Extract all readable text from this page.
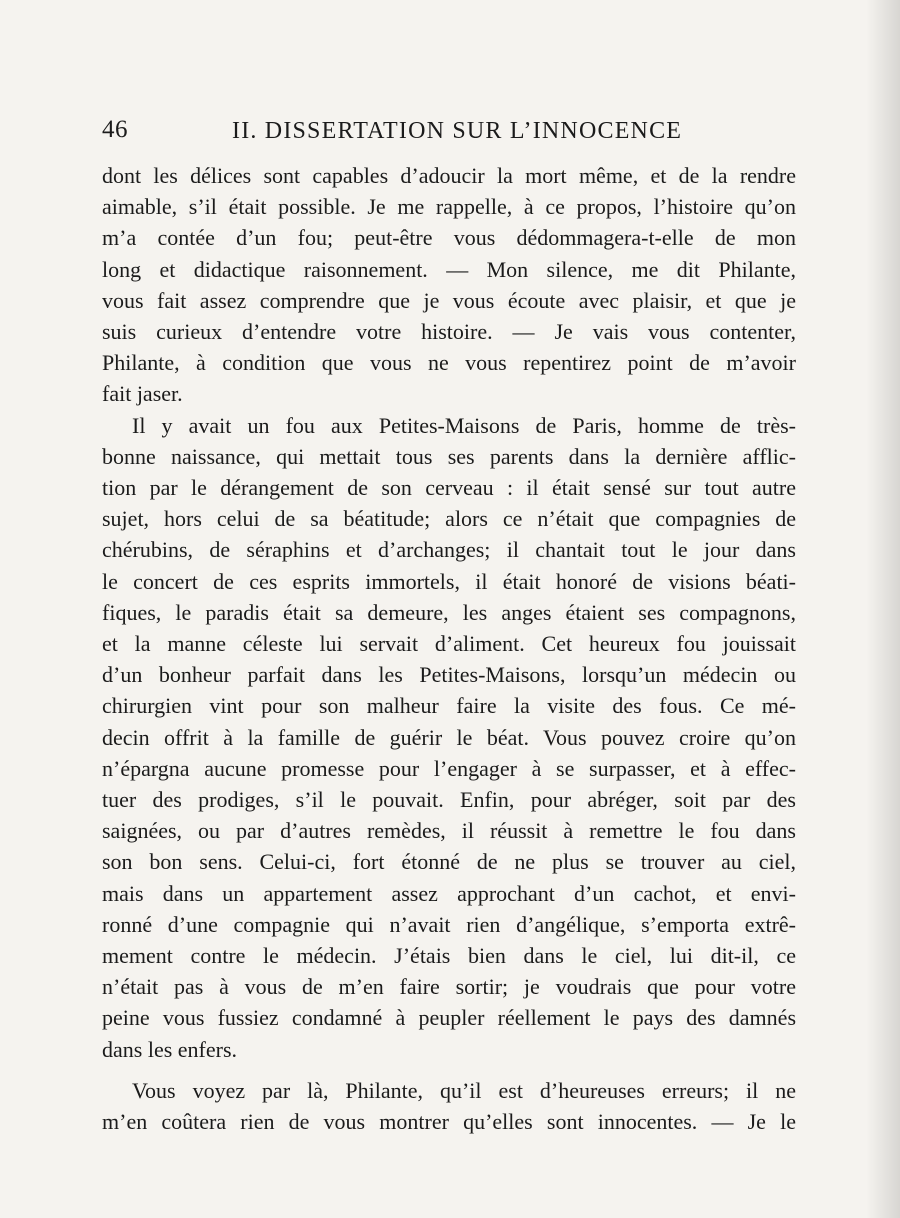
46	II. DISSERTATION SUR L’INNOCENCE

dont les délices sont capables d’adoucir la mort même, et de la rendre
aimable, s’il était possible. Je me rappelle, à ce propos, l’histoire qu’on
m’a contée d’un fou; peut-être vous dédommagera-t-elle de mon
long et didactique raisonnement. — Mon silence, me dit Philante,
vous fait assez comprendre que je vous écoute avec plaisir, et que je
suis curieux d’entendre votre histoire. — Je vais vous contenter,
Philante, à condition que vous ne vous repentirez point de m’avoir
fait jaser.

Il y avait un fou aux Petites-Maisons de Paris, homme de très-
bonne naissance, qui mettait tous ses parents dans la dernière afflic-
tion par le dérangement de son cerveau : il était sensé sur tout autre
sujet, hors celui de sa béatitude; alors ce n’était que compagnies de
chérubins, de séraphins et d’archanges; il chantait tout le jour dans
le concert de ces esprits immortels, il était honoré de visions béati-
fiques, le paradis était sa demeure, les anges étaient ses compagnons,
et la manne céleste lui servait d’aliment. Cet heureux fou jouissait
d’un bonheur parfait dans les Petites-Maisons, lorsqu’un médecin ou
chirurgien vint pour son malheur faire la visite des fous. Ce mé-
decin offrit à la famille de guérir le béat. Vous pouvez croire qu’on
n’épargna aucune promesse pour l’engager à se surpasser, et à effec-
tuer des prodiges, s’il le pouvait. Enfin, pour abréger, soit par des
saignées, ou par d’autres remèdes, il réussit à remettre le fou dans
son bon sens. Celui-ci, fort étonné de ne plus se trouver au ciel,
mais dans un appartement assez approchant d’un cachot, et envi-
ronné d’une compagnie qui n’avait rien d’angélique, s’emporta extrê-
mement contre le médecin. J’étais bien dans le ciel, lui dit-il, ce
n’était pas à vous de m’en faire sortir; je voudrais que pour votre
peine vous fussiez condamné à peupler réellement le pays des damnés
dans les enfers.

Vous voyez par là, Philante, qu’il est d’heureuses erreurs; il ne
m’en coûtera rien de vous montrer qu’elles sont innocentes. — Je le
